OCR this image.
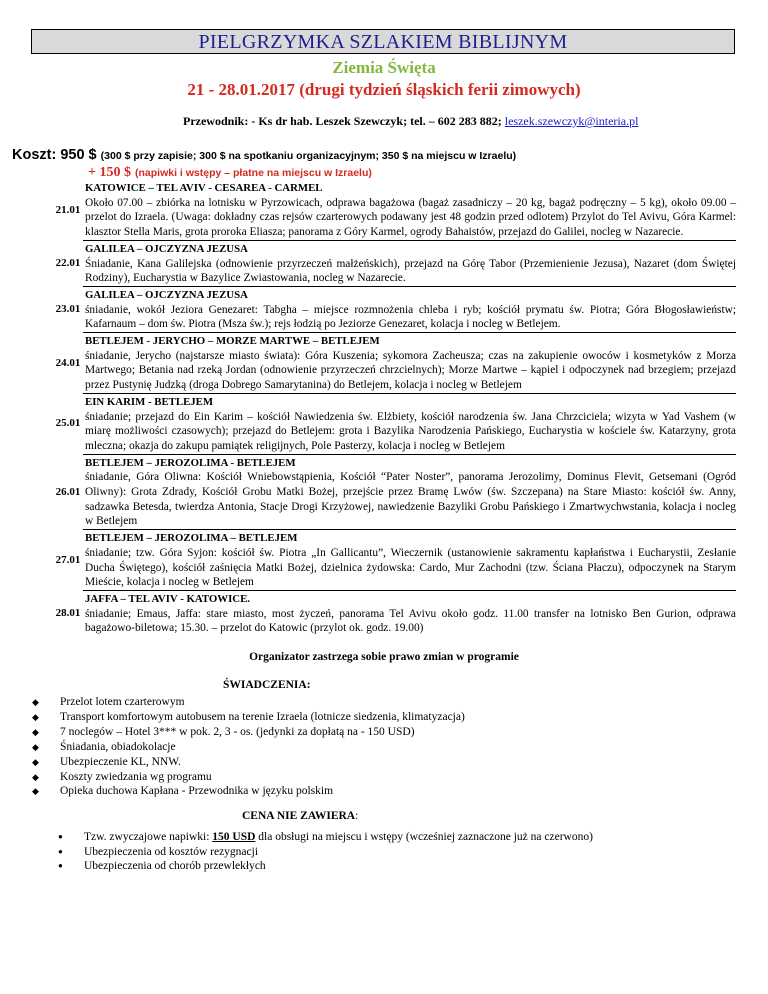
PIELGRZYMKA SZLAKIEM BIBLIJNYM
Ziemia Święta
21 - 28.01.2017 (drugi tydzień śląskich ferii zimowych)
Przewodnik: - Ks dr hab. Leszek Szewczyk; tel. – 602 283 882; leszek.szewczyk@interia.pl
Koszt: 950 $ (300 $ przy zapisie; 300 $ na spotkaniu organizacyjnym; 350 $ na miejscu w Izraelu)
+ 150 $ (napiwki i wstępy – płatne na miejscu w Izraelu)
21.01	KATOWICE – TEL AVIV - CESAREA - CARMEL
Około 07.00 – zbiórka na lotnisku w Pyrzowicach, odprawa bagażowa (bagaż zasadniczy – 20 kg, bagaż podręczny – 5 kg), około 09.00 – przelot do Izraela. (Uwaga: dokładny czas rejsów czarterowych podawany jest 48 godzin przed odlotem) Przylot do Tel Avivu, Góra Karmel: klasztor Stella Maris, grota proroka Eliasza; panorama z Góry Karmel, ogrody Bahaistów, przejazd do Galilei, nocleg w Nazarecie.

22.01	GALILEA – OJCZYZNA JEZUSA
Śniadanie, Kana Galilejska (odnowienie przyrzeczeń małżeńskich), przejazd na Górę Tabor (Przemienienie Jezusa), Nazaret (dom Świętej Rodziny), Eucharystia w Bazylice Zwiastowania, nocleg w Nazarecie.

23.01	GALILEA – OJCZYZNA JEZUSA
śniadanie, wokół Jeziora Genezaret: Tabgha – miejsce rozmnożenia chleba i ryb; kościół prymatu św. Piotra; Góra Błogosławieństw; Kafarnaum – dom św. Piotra (Msza św.); rejs łodzią po Jeziorze Genezaret, kolacja i nocleg w Betlejem.

24.01	BETLEJEM - JERYCHO – MORZE MARTWE – BETLEJEM
śniadanie, Jerycho (najstarsze miasto świata): Góra Kuszenia; sykomora Zacheusza; czas na zakupienie owoców i kosmetyków z Morza Martwego; Betania nad rzeką Jordan (odnowienie przyrzeczeń chrzcielnych); Morze Martwe – kąpiel i odpoczynek nad brzegiem; przejazd przez Pustynię Judzką (droga Dobrego Samarytanina) do Betlejem, kolacja i nocleg w Betlejem

25.01	EIN KARIM - BETLEJEM
śniadanie; przejazd do Ein Karim – kościół Nawiedzenia św. Elżbiety, kościół narodzenia św. Jana Chrzciciela; wizyta w Yad Vashem (w miarę możliwości czasowych); przejazd do Betlejem: grota i Bazylika Narodzenia Pańskiego, Eucharystia w kościele św. Katarzyny, grota mleczna; okazja do zakupu pamiątek religijnych, Pole Pasterzy, kolacja i nocleg w Betlejem

26.01	BETLEJEM – JEROZOLIMA - BETLEJEM
śniadanie, Góra Oliwna: Kościół Wniebowstąpienia, Kościół “Pater Noster”, panorama Jerozolimy, Dominus Flevit, Getsemani (Ogród Oliwny): Grota Zdrady, Kościół Grobu Matki Bożej, przejście przez Bramę Lwów (św. Szczepana) na Stare Miasto: kościół św. Anny, sadzawka Betesda, twierdza Antonia, Stacje Drogi Krzyżowej, nawiedzenie Bazyliki Grobu Pańskiego i Zmartwychwstania, kolacja i nocleg w Betlejem

27.01	BETLEJEM – JEROZOLIMA – BETLEJEM
śniadanie; tzw. Góra Syjon: kościół św. Piotra „In Gallicantu”, Wieczernik (ustanowienie sakramentu kapłaństwa i Eucharystii, Zesłanie Ducha Świętego), kościół zaśnięcia Matki Bożej, dzielnica żydowska: Cardo, Mur Zachodni (tzw. Ściana Płaczu), odpoczynek na Starym Mieście, kolacja i nocleg w Betlejem

28.01	JAFFA – TEL AVIV - KATOWICE.
śniadanie; Emaus, Jaffa: stare miasto, most życzeń, panorama Tel Avivu około godz. 11.00 transfer na lotnisko Ben Gurion, odprawa bagażowo-biletowa; 15.30. – przelot do Katowic (przylot ok. godz. 19.00)
Organizator zastrzega sobie prawo zmian w programie
ŚWIADCZENIA:
◆ Przelot lotem czarterowym
◆ Transport komfortowym autobusem na terenie Izraela (lotnicze siedzenia, klimatyzacja)
◆ 7 noclegów – Hotel 3*** w pok. 2, 3 - os. (jedynki za dopłatą na - 150 USD)
◆ Śniadania, obiadokolacje
◆ Ubezpieczenie KL, NNW.
◆ Koszty zwiedzania wg programu
◆ Opieka duchowa Kapłana - Przewodnika w języku polskim
CENA NIE ZAWIERA:
● Tzw. zwyczajowe napiwki: 150 USD dla obsługi na miejscu i wstępy (wcześniej zaznaczone już na czerwono)
● Ubezpieczenia od kosztów rezygnacji
● Ubezpieczenia od chorób przewlekłych
